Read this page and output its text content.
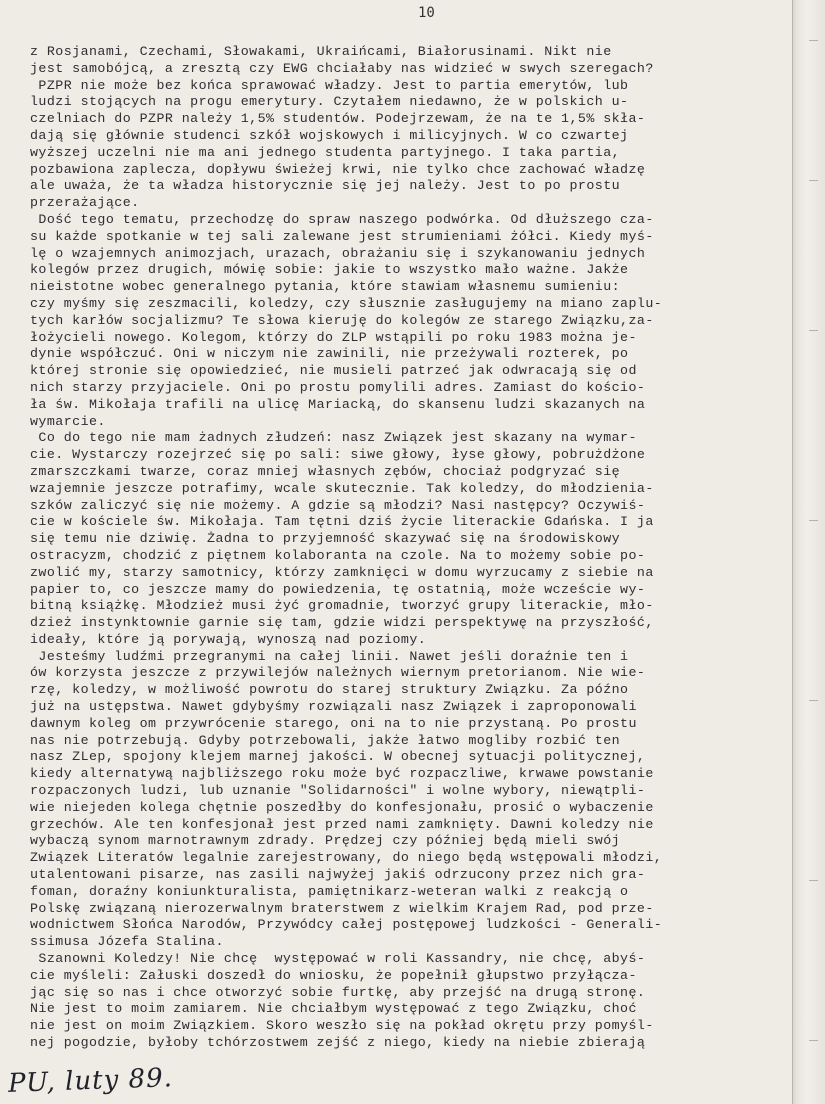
10
z Rosjanami, Czechami, Słowakami, Ukraińcami, Białorusinami. Nikt nie
jest samobójcą, a zresztą czy EWG chciałaby nas widzieć w swych szeregach?
PZPR nie może bez końca sprawować władzy. Jest to partia emerytów, lub
ludzi stojących na progu emerytury. Czytałem niedawno, że w polskich u-
czelniach do PZPR należy 1,5% studentów. Podejrzewam, że na te 1,5% skła-
dają się głównie studenci szkół wojskowych i milicyjnych. W co czwartej
wyższej uczelni nie ma ani jednego studenta partyjnego. I taka partia,
pozbawiona zaplecza, dopływu świeżej krwi, nie tylko chce zachować władzę
ale uważa, że ta władza historycznie się jej należy. Jest to po prostu
przerażające.
Dość tego tematu, przechodzę do spraw naszego podwórka. Od dłuższego cza-
su każde spotkanie w tej sali zalewane jest strumieniami żółci. Kiedy myś-
lę o wzajemnych animozjach, urazach, obrażaniu się i szykanowaniu jednych
kolegów przez drugich, mówię sobie: jakie to wszystko mało ważne. Jakże
nieistotne wobec generalnego pytania, które stawiam własnemu sumieniu:
czy myśmy się zeszmacili, koledzy, czy słusznie zasługujemy na miano zaplu-
tych karłów socjalizmu? Te słowa kieruję do kolegów ze starego Związku,za-
łożycieli nowego. Kolegom, którzy do ZLP wstąpili po roku 1983 można je-
dynie współczuć. Oni w niczym nie zawinili, nie przeżywali rozterek, po
której stronie się opowiedzieć, nie musieli patrzeć jak odwracają się od
nich starzy przyjaciele. Oni po prostu pomylili adres. Zamiast do kościo-
ła św. Mikołaja trafili na ulicę Mariacką, do skansenu ludzi skazanych na
wymarcie.
Co do tego nie mam żadnych złudzeń: nasz Związek jest skazany na wymar-
cie. Wystarczy rozejrzeć się po sali: siwe głowy, łyse głowy, pobrużdżone
zmarszczkami twarze, coraz mniej własnych zębów, chociaż podgryzać się
wzajemnie jeszcze potrafimy, wcale skutecznie. Tak koledzy, do młodzienia-
szków zaliczyć się nie możemy. A gdzie są młodzi? Nasi następcy? Oczywiś-
cie w kościele św. Mikołaja. Tam tętni dziś życie literackie Gdańska. I ja
się temu nie dziwię. Żadna to przyjemność skazywać się na środowiskowy
ostracyzm, chodzić z piętnem kolaboranta na czole. Na to możemy sobie po-
zwolić my, starzy samotnicy, którzy zamknięci w domu wyrzucamy z siebie na
papier to, co jeszcze mamy do powiedzenia, tę ostatnią, może wczeście wy-
bitną książkę. Młodzież musi żyć gromadnie, tworzyć grupy literackie, mło-
dzież instynktownie garnie się tam, gdzie widzi perspektywę na przyszłość,
ideały, które ją porywają, wynoszą nad poziomy.
Jesteśmy ludźmi przegranymi na całej linii. Nawet jeśli doraźnie ten i
ów korzysta jeszcze z przywilejów należnych wiernym pretorianom. Nie wie-
rzę, koledzy, w możliwość powrotu do starej struktury Związku. Za późno
już na ustępstwa. Nawet gdybyśmy rozwiązali nasz Związek i zaproponowali
dawnym koleg om przywrócenie starego, oni na to nie przystaną. Po prostu
nas nie potrzebują. Gdyby potrzebowali, jakże łatwo mogliby rozbić ten
nasz ZLep, spojony klejem marnej jakości. W obecnej sytuacji politycznej,
kiedy alternatywą najbliższego roku może być rozpaczliwe, krwawe powstanie
rozpaczonych ludzi, lub uznanie "Solidarności" i wolne wybory, niewątpli-
wie niejeden kolega chętnie poszedłby do konfesjonału, prosić o wybaczenie
grzechów. Ale ten konfesjonał jest przed nami zamknięty. Dawni koledzy nie
wybaczą synom marnotrawnym zdrady. Prędzej czy później będą mieli swój
Związek Literatów legalnie zarejestrowany, do niego będą wstępowali młodzi,
utalentowani pisarze, nas zasili najwyżej jakiś odrzucony przez nich gra-
foman, doraźny koniunkturalista, pamiętnikarz-weteran walki z reakcją o
Polskę związaną nierozerwalnym braterstwem z wielkim Krajem Rad, pod prze-
wodnictwem Słońca Narodów, Przywódcy całej postępowej ludzkości - Generali-
ssimusa Józefa Stalina.
Szanowni Koledzy! Nie chcę  występować w roli Kassandry, nie chcę, abyś-
cie myśleli: Załuski doszedł do wniosku, że popełnił głupstwo przyłącza-
jąc się so nas i chce otworzyć sobie furtkę, aby przejść na drugą stronę.
Nie jest to moim zamiarem. Nie chciałbym występować z tego Związku, choć
nie jest on moim Związkiem. Skoro weszło się na pokład okrętu przy pomyśl-
nej pogodzie, byłoby tchórzostwem zejść z niego, kiedy na niebie zbierają
PU, luty 89.
